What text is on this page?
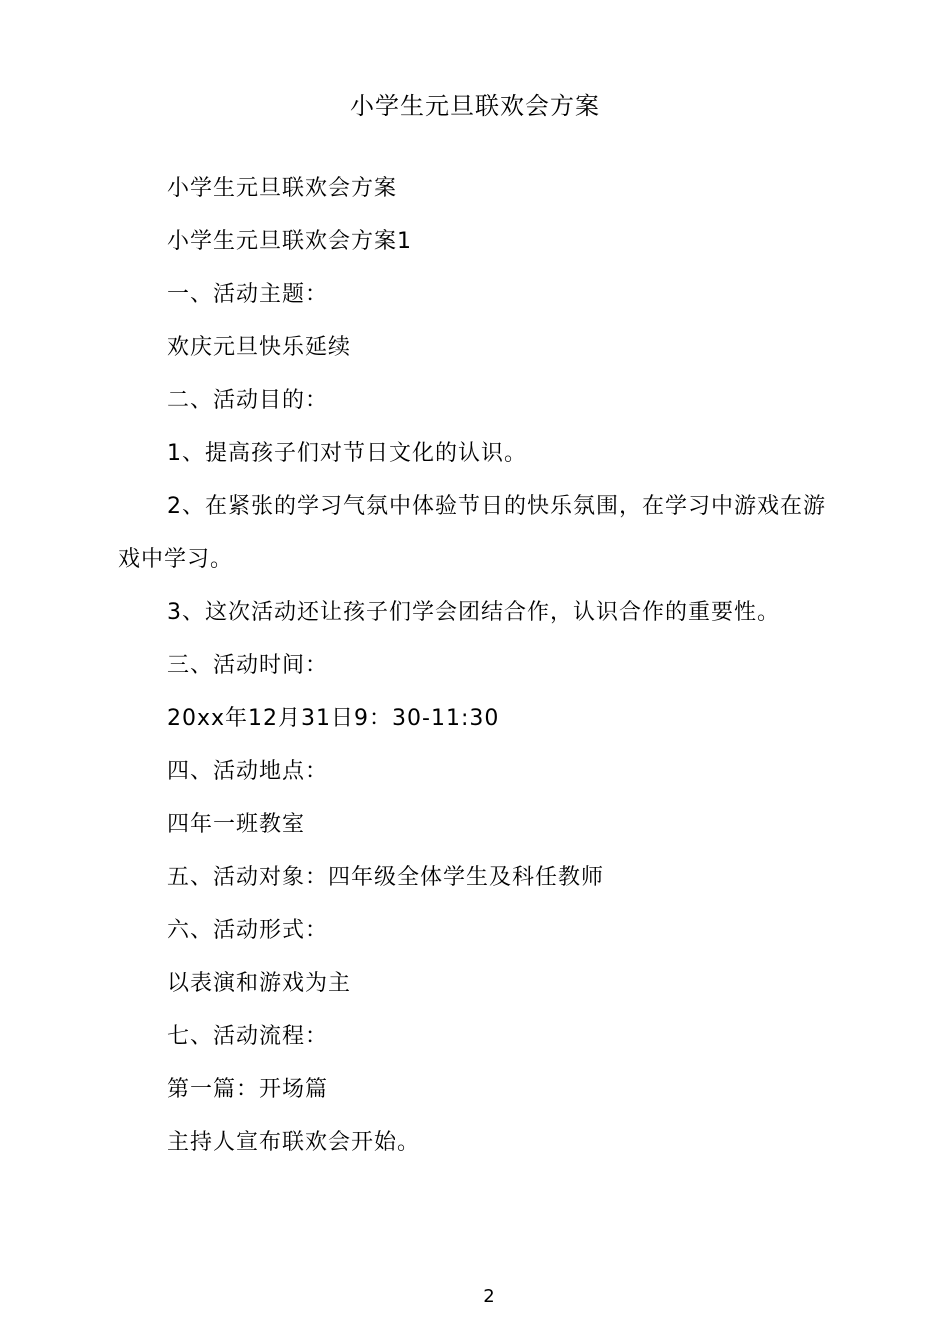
小学生元旦联欢会方案

小学生元旦联欢会方案

小学生元旦联欢会方案1

一、活动主题：

欢庆元旦快乐延续

二、活动目的：

1、提高孩子们对节日文化的认识。

2、在紧张的学习气氛中体验节日的快乐氛围，在学习中游戏在游戏中学习。

3、这次活动还让孩子们学会团结合作，认识合作的重要性。

三、活动时间：

20xx年12月31日9：30-11:30

四、活动地点：

四年一班教室

五、活动对象：四年级全体学生及科任教师

六、活动形式：

以表演和游戏为主

七、活动流程：

第一篇：开场篇

主持人宣布联欢会开始。

2
